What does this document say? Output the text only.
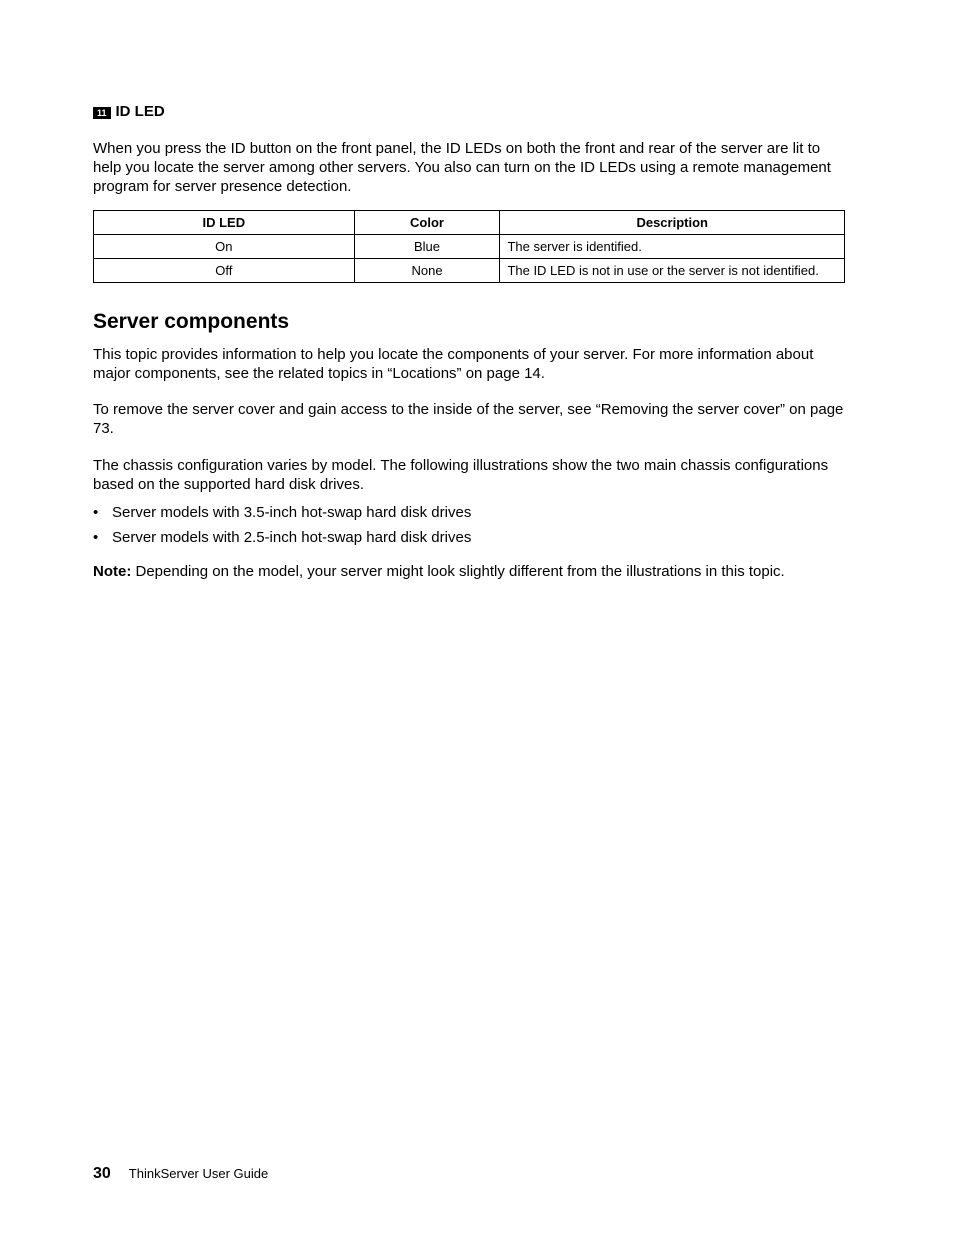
11 ID LED

When you press the ID button on the front panel, the ID LEDs on both the front and rear of the server are lit to help you locate the server among other servers. You also can turn on the ID LEDs using a remote management program for server presence detection.

ID LED	Color	Description
On	Blue	The server is identified.
Off	None	The ID LED is not in use or the server is not identified.
Server components

This topic provides information to help you locate the components of your server. For more information about major components, see the related topics in “Locations” on page 14.

To remove the server cover and gain access to the inside of the server, see “Removing the server cover” on page 73.

The chassis configuration varies by model. The following illustrations show the two main chassis configurations based on the supported hard disk drives.

• Server models with 3.5-inch hot-swap hard disk drives
• Server models with 2.5-inch hot-swap hard disk drives

Note: Depending on the model, your server might look slightly different from the illustrations in this topic.

30 ThinkServer User Guide
